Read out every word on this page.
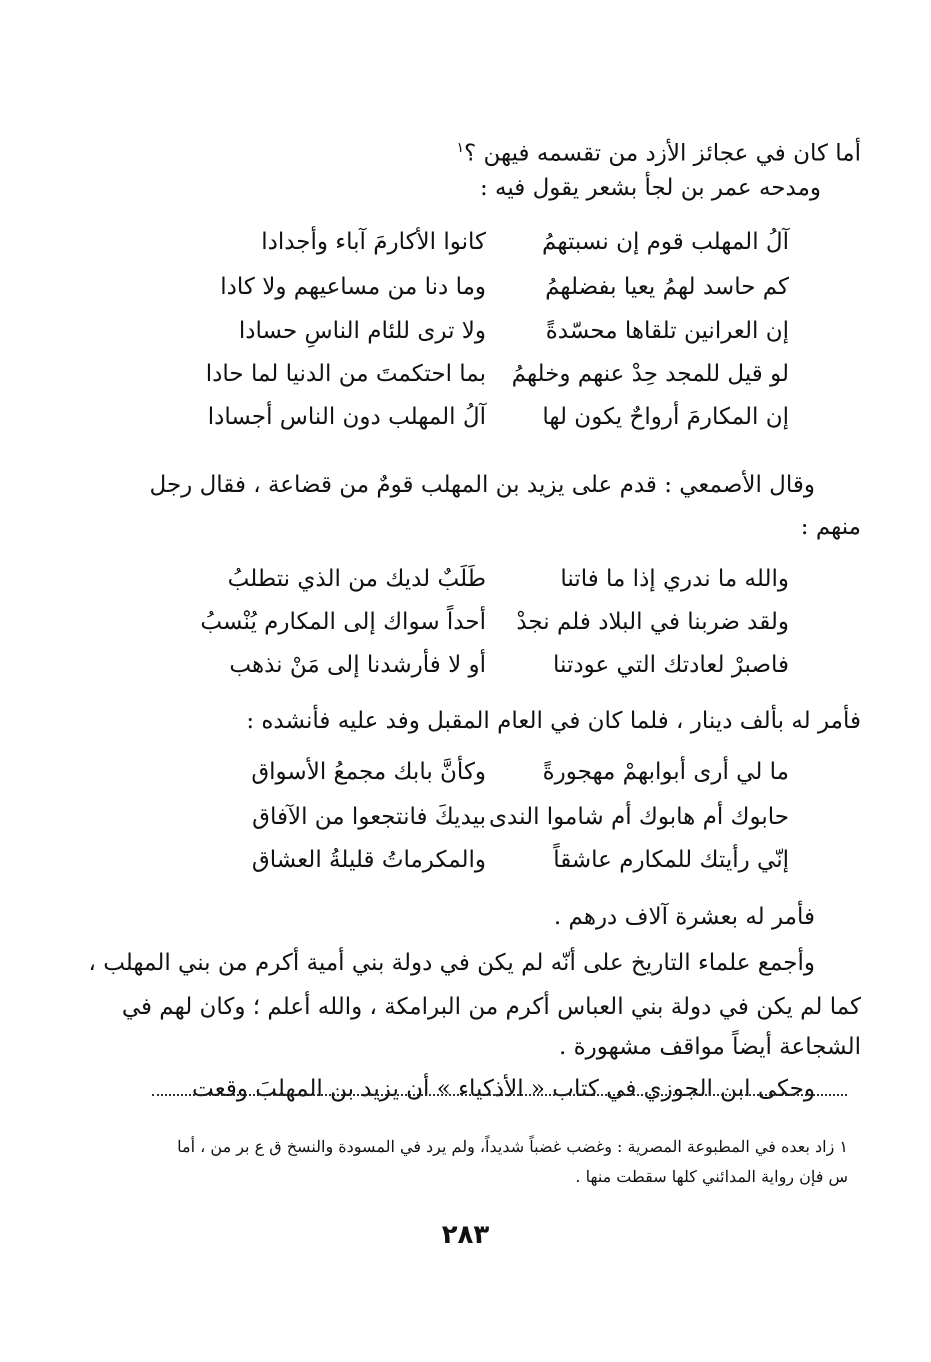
أما كان في عجائز الأزد من تقسمه فيهن ؟$^١$
ومدحه عمر بن لجأ بشعر يقول فيه :
آلُ المهلب قوم إن نسبتهمُ
كانوا الأكارمَ آباء وأجدادا
كم حاسد لهمُ يعيا بفضلهمُ
وما دنا من مساعيهم ولا كادا
إن العرانين تلقاها محسّدةً
ولا ترى للئام الناسِ حسادا
لو قيل للمجد حِدْ عنهم وخلهمُ
بما احتكمتَ من الدنيا لما حادا
إن المكارمَ أرواحٌ يكون لها
آلُ المهلب دون الناس أجسادا
وقال الأصمعي : قدم على يزيد بن المهلب قومٌ من قضاعة ، فقال رجل
منهم :
والله ما ندري إذا ما فاتنا
طَلَبٌ لديك من الذي نتطلبُ
ولقد ضربنا في البلاد فلم نجدْ
أحداً سواك إلى المكارم يُنْسبُ
فاصبرْ لعادتك التي عودتنا
أو لا فأرشدنا إلى مَنْ نذهب
فأمر له بألف دينار ، فلما كان في العام المقبل وفد عليه فأنشده :
ما لي أرى أبوابهمْ مهجورةً
وكأنَّ بابك مجمعُ الأسواق
حابوك أم هابوك أم شاموا الندى
بيديكَ فانتجعوا من الآفاق
إنّي رأيتك للمكارم عاشقاً
والمكرماتُ قليلةُ العشاق
فأمر له بعشرة آلاف درهم .
وأجمع علماء التاريخ على أنّه لم يكن في دولة بني أمية أكرم من بني المهلب ،
كما لم يكن في دولة بني العباس أكرم من البرامكة ، والله أعلم ؛ وكان لهم في
الشجاعة أيضاً مواقف مشهورة .
وحكى ابن الجوزي في كتاب « الأذكياء » أن يزيد بن المهلبَ وقعت
١ زاد بعده في المطبوعة المصرية : وغضب غضباً شديداً، ولم يرد في المسودة والنسخ ق ع بر من ، أما
س فإن رواية المدائني كلها سقطت منها .
٢٨٣
